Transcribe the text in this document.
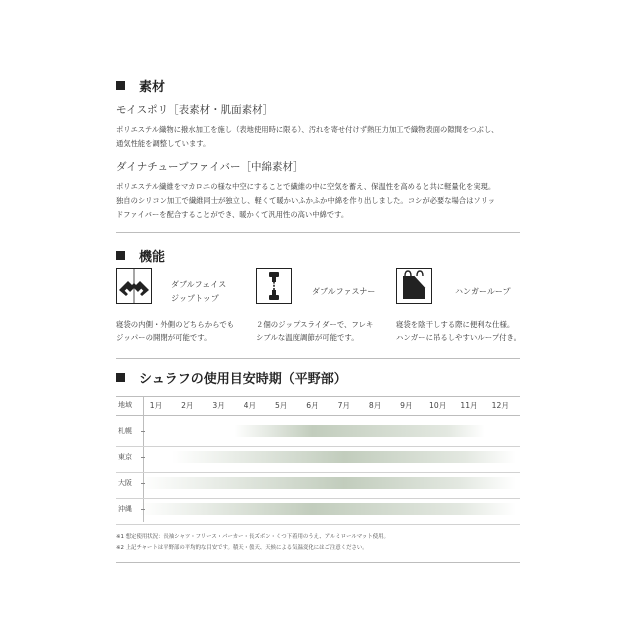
素材
モイスポリ［表素材・肌面素材］
ポリエステル織物に撥水加工を施し（表地使用時に限る）、汚れを寄せ付けず熱圧力加工で織物表面の隙間をつぶし、
通気性能を調整しています。
ダイナチューブファイバー［中綿素材］
ポリエステル繊維をマカロニの様な中空にすることで繊維の中に空気を蓄え、保温性を高めると共に軽量化を実現。
独自のシリコン加工で繊維同士が独立し、軽くて暖かいふかふか中綿を作り出しました。コシが必要な場合はソリッ
ドファイバーを配合することができ、暖かくて汎用性の高い中綿です。
機能
ダブルフェイス
ジップトップ
寝袋の内側・外側のどちらからでも
ジッパーの開閉が可能です。
ダブルファスナー
２個のジップスライダーで、フレキ
シブルな温度調節が可能です。
ハンガーループ
寝袋を陰干しする際に便利な仕様。
ハンガーに吊るしやすいループ付き。
シュラフの使用目安時期（平野部）
地域 1月 2月 3月 4月 5月 6月 7月 8月 9月 10月 11月 12月
札幌
東京
大阪
沖縄
※1 想定使用状況：長袖シャツ・フリース・パーカー・長ズボン・くつ下着用のうえ、アルミロールマット使用。
※2 上記チャートは平野部の平均的な目安です。積天・曇天、天候による気温変化にはご注意ください。
